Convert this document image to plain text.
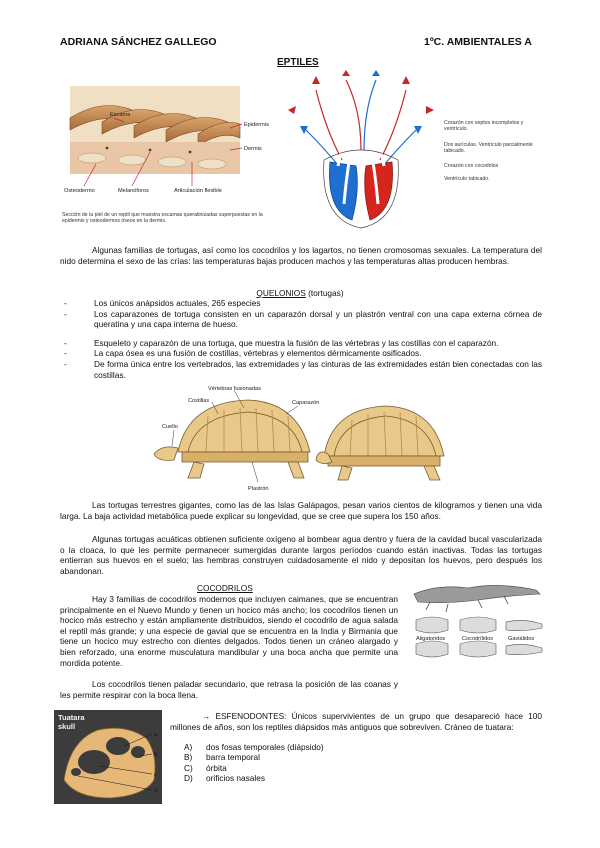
ADRIANA SÁNCHEZ GALLEGO	1ºC. AMBIENTALES A
EPTILES
Escama
Epidermis
Dermis
Osteodermo	Melanóforos	Articulación flexible
Sección de la piel de un reptil que muestra escamas queratinizadas superpuestas en la epidermis y osteodermos óseos en la dermis.
Corazón con septos incompletos y ventrículo.
Dos aurículas. Ventrículo parcialmente tabicado.
Corazón con cocodrilos
Ventrículo tabicado.
Algunas familias de tortugas, así como los cocodrilos y los lagartos, no tienen cromosomas sexuales. La temperatura del nido determina el sexo de las crías: las temperaturas bajas producen machos y las temperaturas altas producen hembras.
QUELONIOS (tortugas)
- Los únicos anápsidos actuales, 265 especies
- Los caparazones de tortuga consisten en un caparazón dorsal y un plastrón ventral con una capa externa córnea de queratina y una capa interna de hueso.
- Esqueleto y caparazón de una tortuga, que muestra la fusión de las vértebras y las costillas con el caparazón.
- La capa ósea es una fusión de costillas, vértebras y elementos dérmicamente osificados.
- De forma única entre los vertebrados, las extremidades y las cinturas de las extremidades están bien conectadas con las costillas.
Vértebras fusionadas
Costillas	Caparazón
Cuello
Plastrón
Las tortugas terrestres gigantes, como las de las Islas Galápagos, pesan varios cientos de kilogramos y tienen una vida larga. La baja actividad metabólica puede explicar su longevidad, que se cree que supera los 150 años.
Algunas tortugas acuáticas obtienen suficiente oxígeno al bombear agua dentro y fuera de la cavidad bucal vascularizada o la cloaca, lo que les permite permanecer sumergidas durante largos períodos cuando están inactivas. Todas las tortugas entierran sus huevos en el suelo; las hembras construyen cuidadosamente el nido y depositan los huevos, pero después los abandonan.
COCODRILOS
Hay 3 familias de cocodrilos modernos que incluyen caimanes, que se encuentran principalmente en el Nuevo Mundo y tienen un hocico más ancho; los cocodrilos tienen un hocico más estrecho y están ampliamente distribuidos, siendo el cocodrilo de agua salada el reptil más grande; y una especie de gavial que se encuentra en la India y Birmania que tiene un hocico muy estrecho con dientes delgados. Todos tienen un cráneo alargado y bien reforzado, una enorme musculatura mandibular y una boca ancha que permite una mordida potente.
Los cocodrilos tienen paladar secundario, que retrasa la posición de las coanas y les permite respirar con la boca llena.
Aligatoridos	Cocodrílidos	Gaviálidos
a
b
c
d
Tuatara
skull
→ ESFENODONTES: Únicos supervivientes de un grupo que desapareció hace 100 millones de años, son los reptiles diápsidos más antiguos que sobreviven. Cráneo de tuatara:
A)	dos fosas temporales (diápsido)
B)	barra temporal
C)	órbita
D)	orificios nasales
